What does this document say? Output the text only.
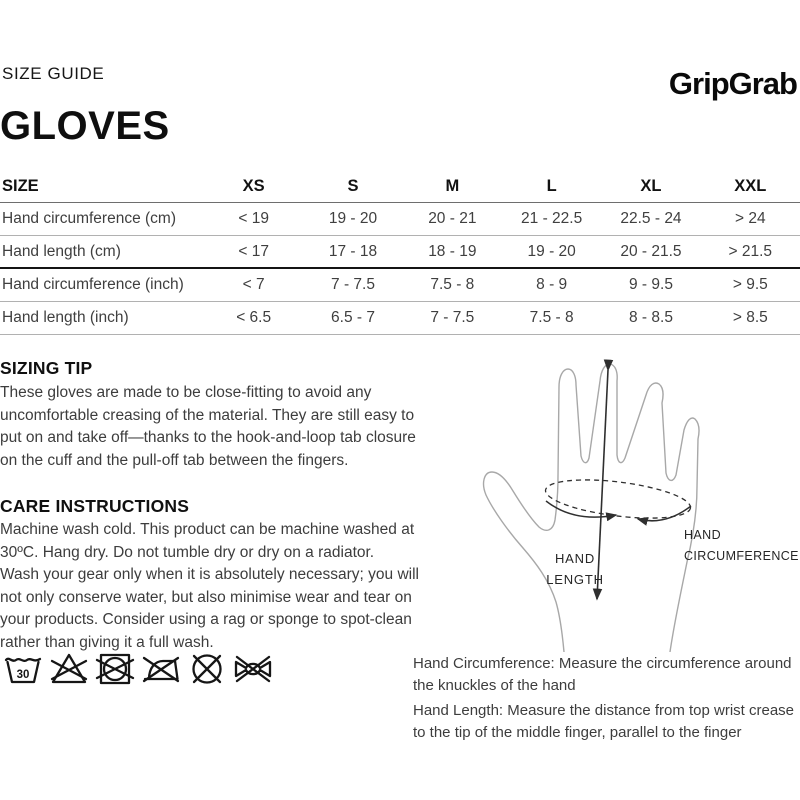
SIZE GUIDE	GripGrab
GLOVES
SIZE	XS	S	M	L	XL	XXL
Hand circumference (cm)	< 19	19 - 20	20 - 21	21 - 22.5	22.5 - 24	> 24
Hand length (cm)	< 17	17 - 18	18 - 19	19 - 20	20 - 21.5	> 21.5
Hand circumference (inch)	< 7	7 - 7.5	7.5 - 8	8 - 9	9 - 9.5	> 9.5
Hand length (inch)	< 6.5	6.5 - 7	7 - 7.5	7.5 - 8	8 - 8.5	> 8.5
SIZING TIP
These gloves are made to be close-fitting to avoid any uncomfortable creasing of the material. They are still easy to put on and take off—thanks to the hook-and-loop tab closure on the cuff and the pull-off tab between the fingers.
CARE INSTRUCTIONS
Machine wash cold. This product can be machine washed at 30ºC. Hang dry. Do not tumble dry or dry on a radiator.
Wash your gear only when it is absolutely necessary; you will not only conserve water, but also minimise wear and tear on your products. Consider using a rag or sponge to spot-clean rather than giving it a full wash.
30
HAND
LENGTH
HAND
CIRCUMFERENCE
Hand Circumference: Measure the circumference around the knuckles of the hand
Hand Length: Measure the distance from top wrist crease to the tip of the middle finger, parallel to the finger
